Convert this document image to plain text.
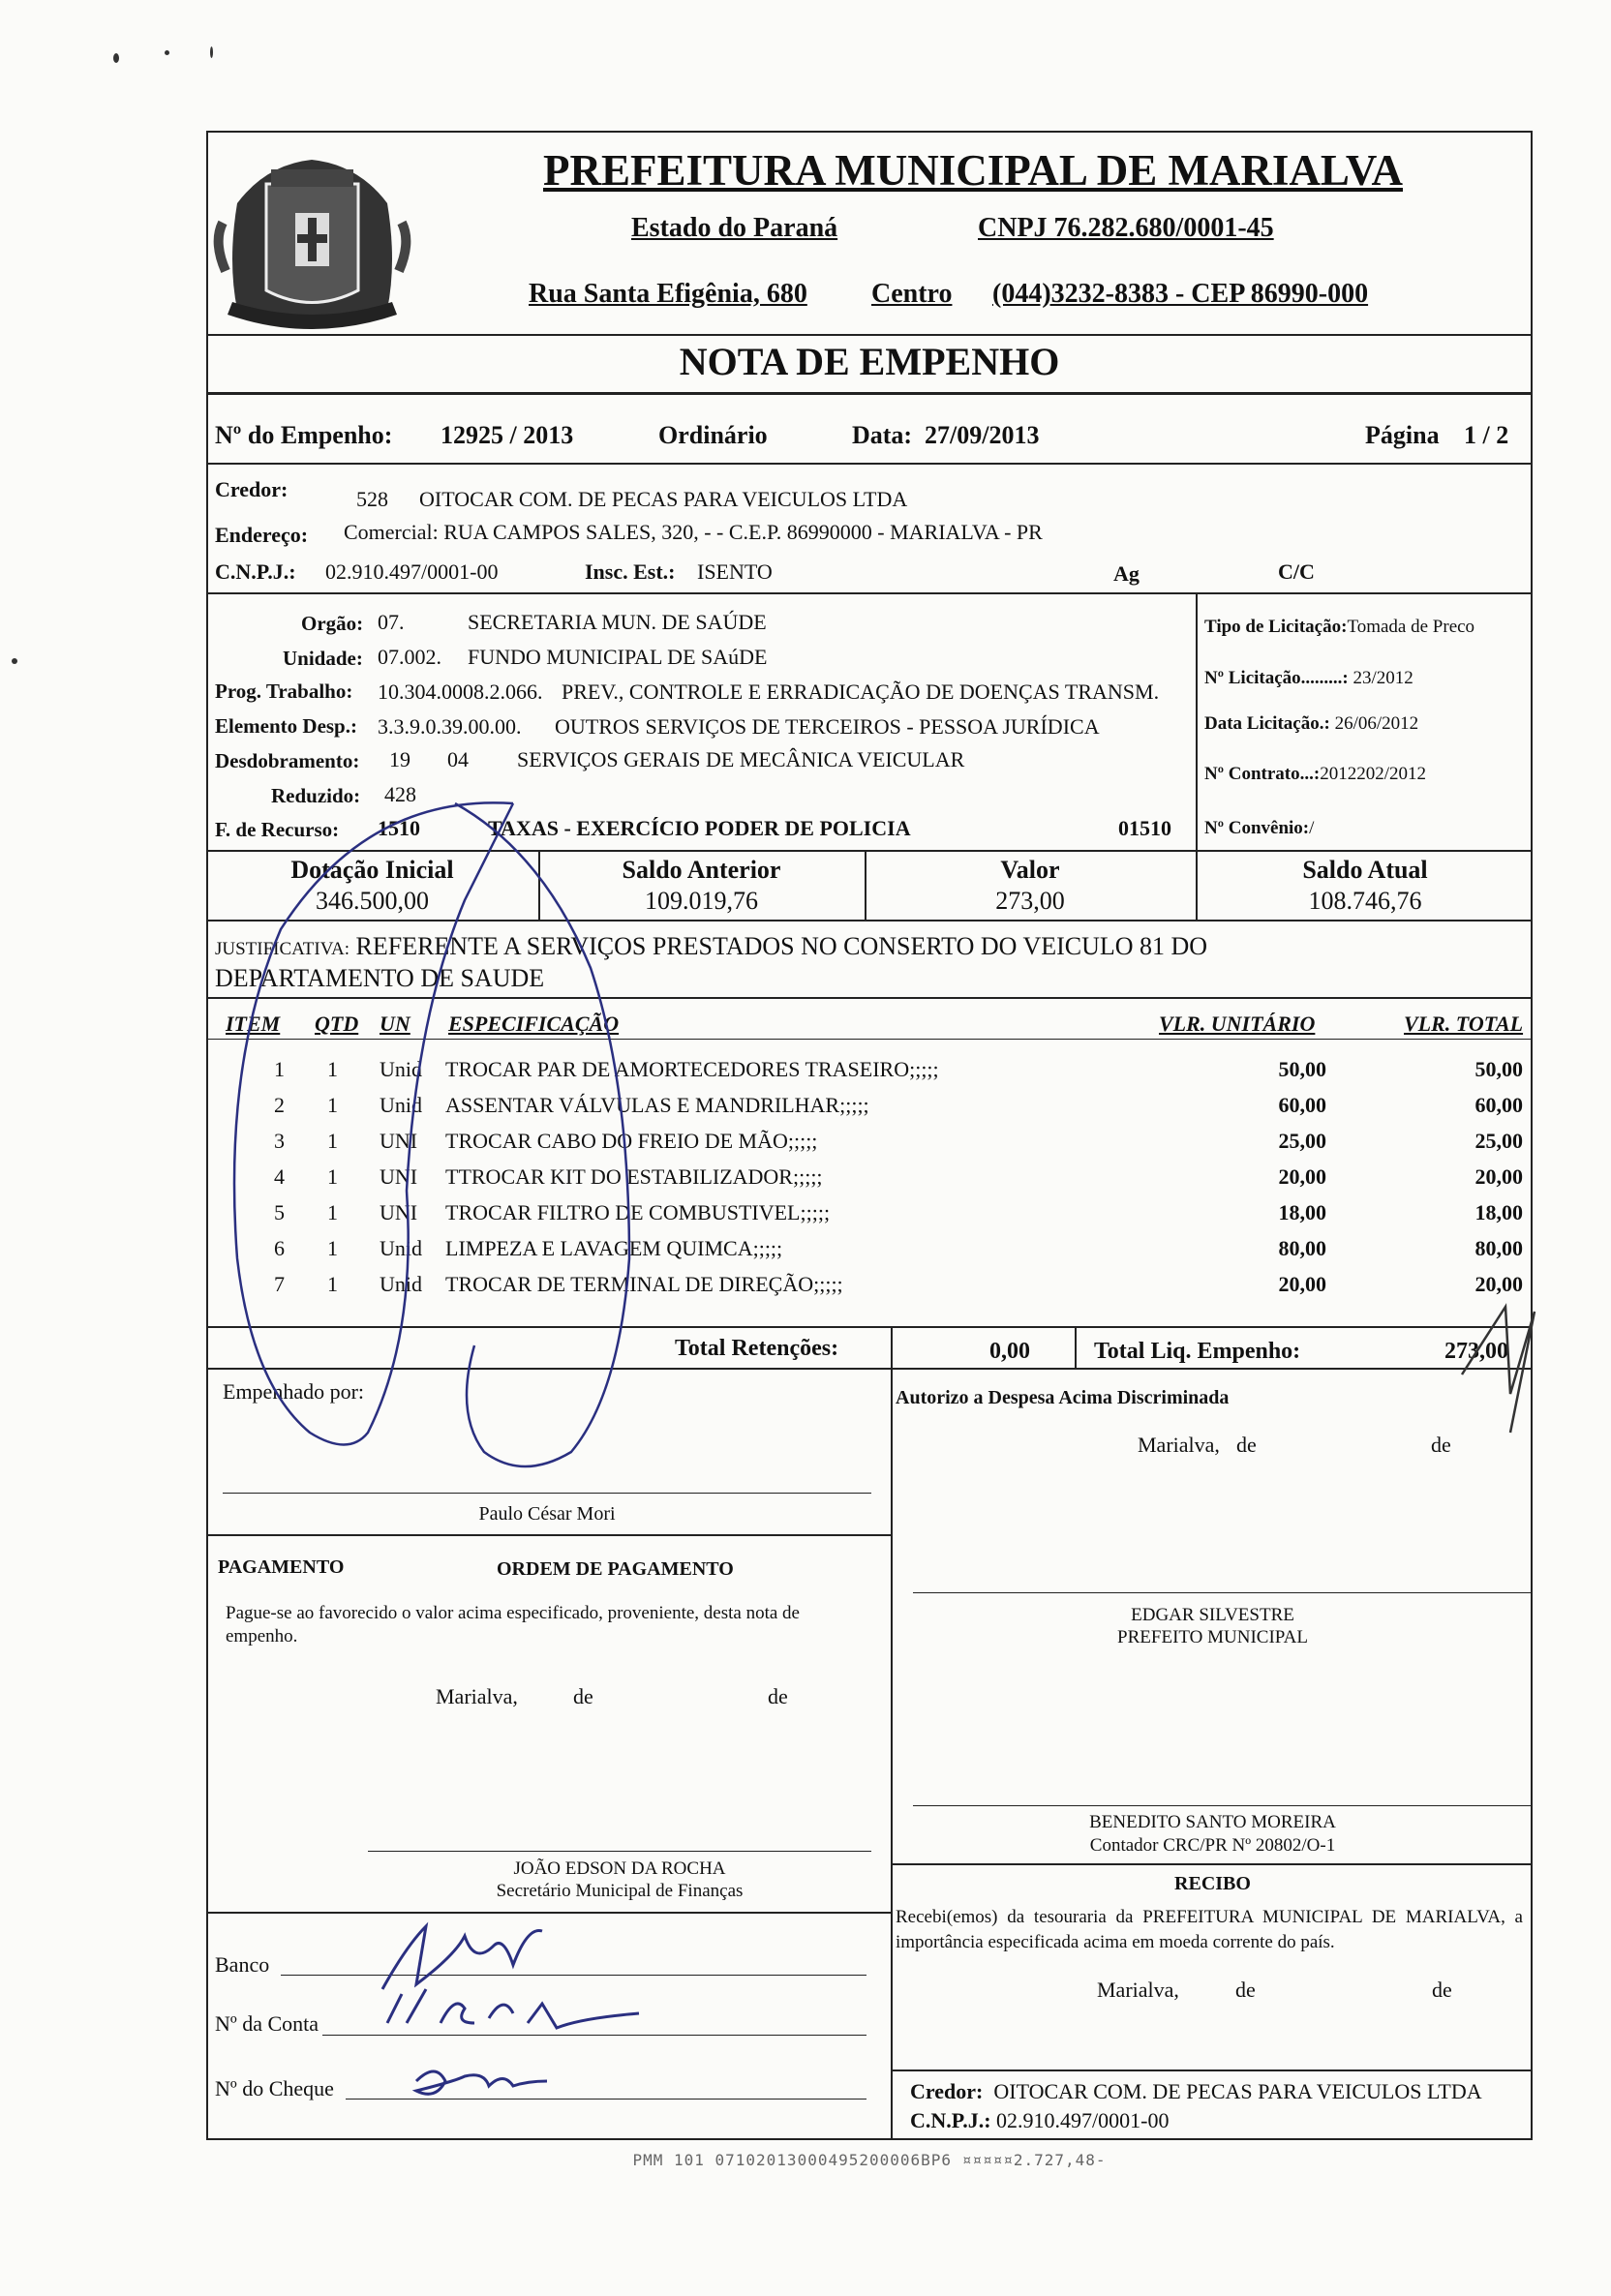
PREFEITURA MUNICIPAL DE MARIALVA
Estado do Paraná	CNPJ 76.282.680/0001-45
Rua Santa Efigênia, 680 Centro (044)3232-8383 - CEP 86990-000
NOTA DE EMPENHO
Nº do Empenho: 12925 / 2013	Ordinário	Data: 27/09/2013	Página 1 / 2
Credor:	528 OITOCAR COM. DE PECAS PARA VEICULOS LTDA
Endereço: Comercial: RUA CAMPOS SALES, 320, - - C.E.P. 86990000 - MARIALVA - PR
C.N.P.J.: 02.910.497/0001-00	Insc. Est.: ISENTO	Ag	C/C
Orgão: 07.	SECRETARIA MUN. DE SAÚDE
Unidade: 07.002. FUNDO MUNICIPAL DE SAúDE
Prog. Trabalho: 10.304.0008.2.066. PREV., CONTROLE E ERRADICAÇÃO DE DOENÇAS TRANSM.
Elemento Desp.: 3.3.9.0.39.00.00. OUTROS SERVIÇOS DE TERCEIROS - PESSOA JURÍDICA
Desdobramento: 19 04 SERVIÇOS GERAIS DE MECÂNICA VEICULAR
Reduzido: 428
F. de Recurso: 1510	TAXAS - EXERCÍCIO PODER DE POLICIA	01510
Tipo de Licitação:Tomada de Preco
Nº Licitação.........: 23/2012
Data Licitação.: 26/06/2012
Nº Contrato...:2012202/2012
Nº Convênio:/
Dotação Inicial
346.500,00
Saldo Anterior
109.019,76
Valor
273,00
Saldo Atual
108.746,76
JUSTIFICATIVA: REFERENTE A SERVIÇOS PRESTADOS NO CONSERTO DO VEICULO 81 DO
DEPARTAMENTO DE SAUDE
ITEM QTD UN ESPECIFICAÇÃO	VLR. UNITÁRIO	VLR. TOTAL
1 1 Unid TROCAR PAR DE AMORTECEDORES TRASEIRO;;;;;	50,00	50,00
2 1 Unid ASSENTAR VÁLVULAS E MANDRILHAR;;;;;	60,00	60,00
3 1 UNI TROCAR CABO DO FREIO DE MÃO;;;;;	25,00	25,00
4 1 UNI TTROCAR KIT DO ESTABILIZADOR;;;;;	20,00	20,00
5 1 UNI TROCAR FILTRO DE COMBUSTIVEL;;;;;	18,00	18,00
6 1 Unid LIMPEZA E LAVAGEM QUIMCA;;;;;	80,00	80,00
7 1 Unid TROCAR DE TERMINAL DE DIREÇÃO;;;;;	20,00	20,00
Total Retenções:	0,00	Total Liq. Empenho:	273,00
Empenhado por:	Autorizo a Despesa Acima Discriminada
Marialva, de	de
Paulo César Mori
PAGAMENTO	ORDEM DE PAGAMENTO
Pague-se ao favorecido o valor acima especificado, proveniente, desta nota de empenho.
Marialva,	de	de
EDGAR SILVESTRE
PREFEITO MUNICIPAL
BENEDITO SANTO MOREIRA
Contador CRC/PR Nº 20802/O-1
RECIBO
Recebi(emos) da tesouraria da PREFEITURA MUNICIPAL DE MARIALVA, a importância especificada acima em moeda corrente do país.
Marialva,	de	de
Credor: OITOCAR COM. DE PECAS PARA VEICULOS LTDA
C.N.P.J.: 02.910.497/0001-00
JOÃO EDSON DA ROCHA
Secretário Municipal de Finanças
Banco
Nº da Conta
Nº do Cheque
PMM 101 07102013000495200006BP6 ¤¤¤¤¤2.727,48-
